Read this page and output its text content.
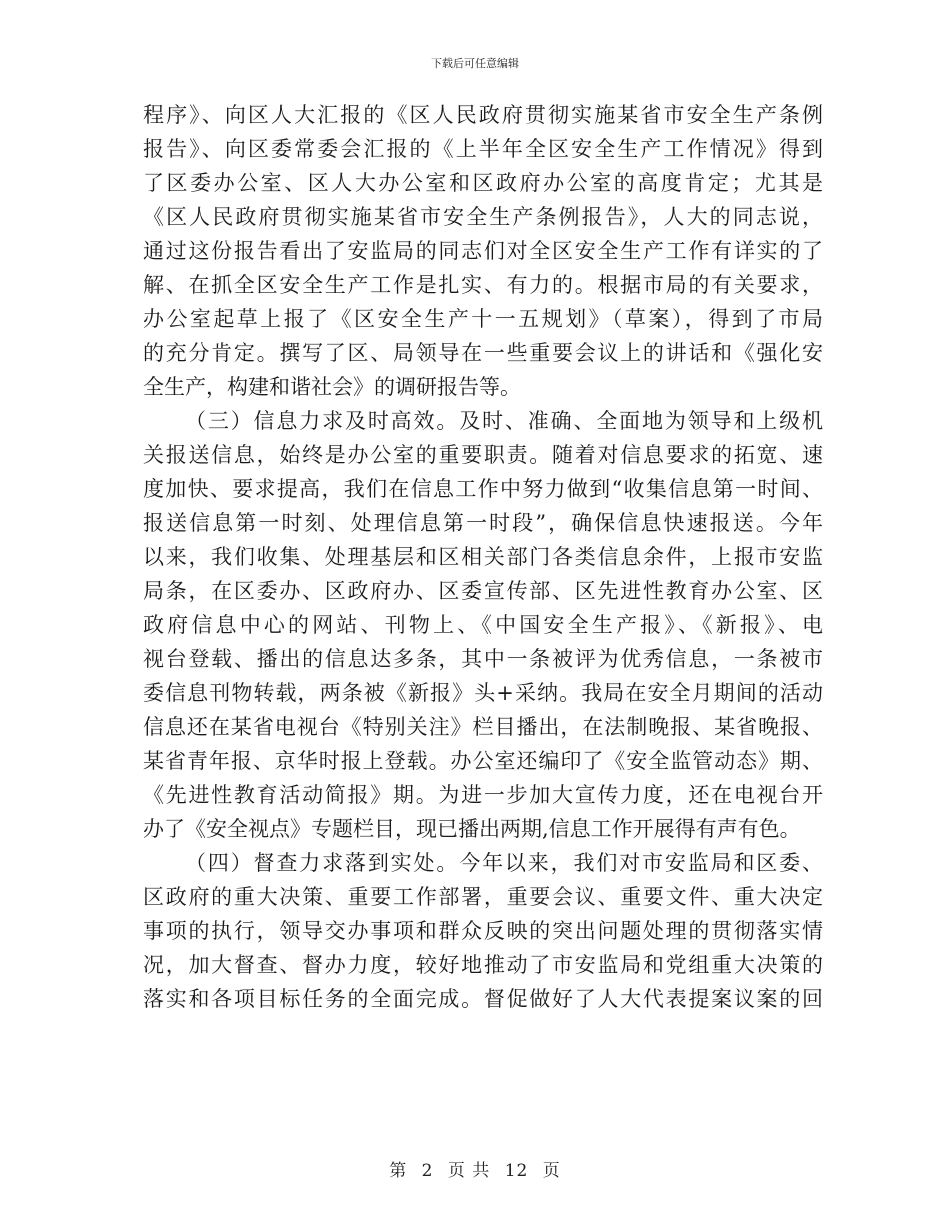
下载后可任意编辑
程序》、向区人大汇报的《区人民政府贯彻实施某省市安全生产条例
报告》、向区委常委会汇报的《上半年全区安全生产工作情况》得到
了区委办公室、区人大办公室和区政府办公室的高度肯定；尤其是
《区人民政府贯彻实施某省市安全生产条例报告》，人大的同志说，
通过这份报告看出了安监局的同志们对全区安全生产工作有详实的了
解、在抓全区安全生产工作是扎实、有力的。根据市局的有关要求，
办公室起草上报了《区安全生产十一五规划》（草案），得到了市局
的充分肯定。撰写了区、局领导在一些重要会议上的讲话和《强化安
全生产，构建和谐社会》的调研报告等。
（三）信息力求及时高效。及时、准确、全面地为领导和上级机
关报送信息，始终是办公室的重要职责。随着对信息要求的拓宽、速
度加快、要求提高，我们在信息工作中努力做到“收集信息第一时间、
报送信息第一时刻、处理信息第一时段”，确保信息快速报送。今年
以来，我们收集、处理基层和区相关部门各类信息余件，上报市安监
局条，在区委办、区政府办、区委宣传部、区先进性教育办公室、区
政府信息中心的网站、刊物上、《中国安全生产报》、《新报》、电
视台登载、播出的信息达多条，其中一条被评为优秀信息，一条被市
委信息刊物转载，两条被《新报》头+采纳。我局在安全月期间的活动
信息还在某省电视台《特别关注》栏目播出，在法制晚报、某省晚报、
某省青年报、京华时报上登载。办公室还编印了《安全监管动态》期、
《先进性教育活动简报》期。为进一步加大宣传力度，还在电视台开
办了《安全视点》专题栏目，现已播出两期,信息工作开展得有声有色。
（四）督查力求落到实处。今年以来，我们对市安监局和区委、
区政府的重大决策、重要工作部署，重要会议、重要文件、重大决定
事项的执行，领导交办事项和群众反映的突出问题处理的贯彻落实情
况，加大督查、督办力度，较好地推动了市安监局和党组重大决策的
落实和各项目标任务的全面完成。督促做好了人大代表提案议案的回
第 2 页 共 12 页
